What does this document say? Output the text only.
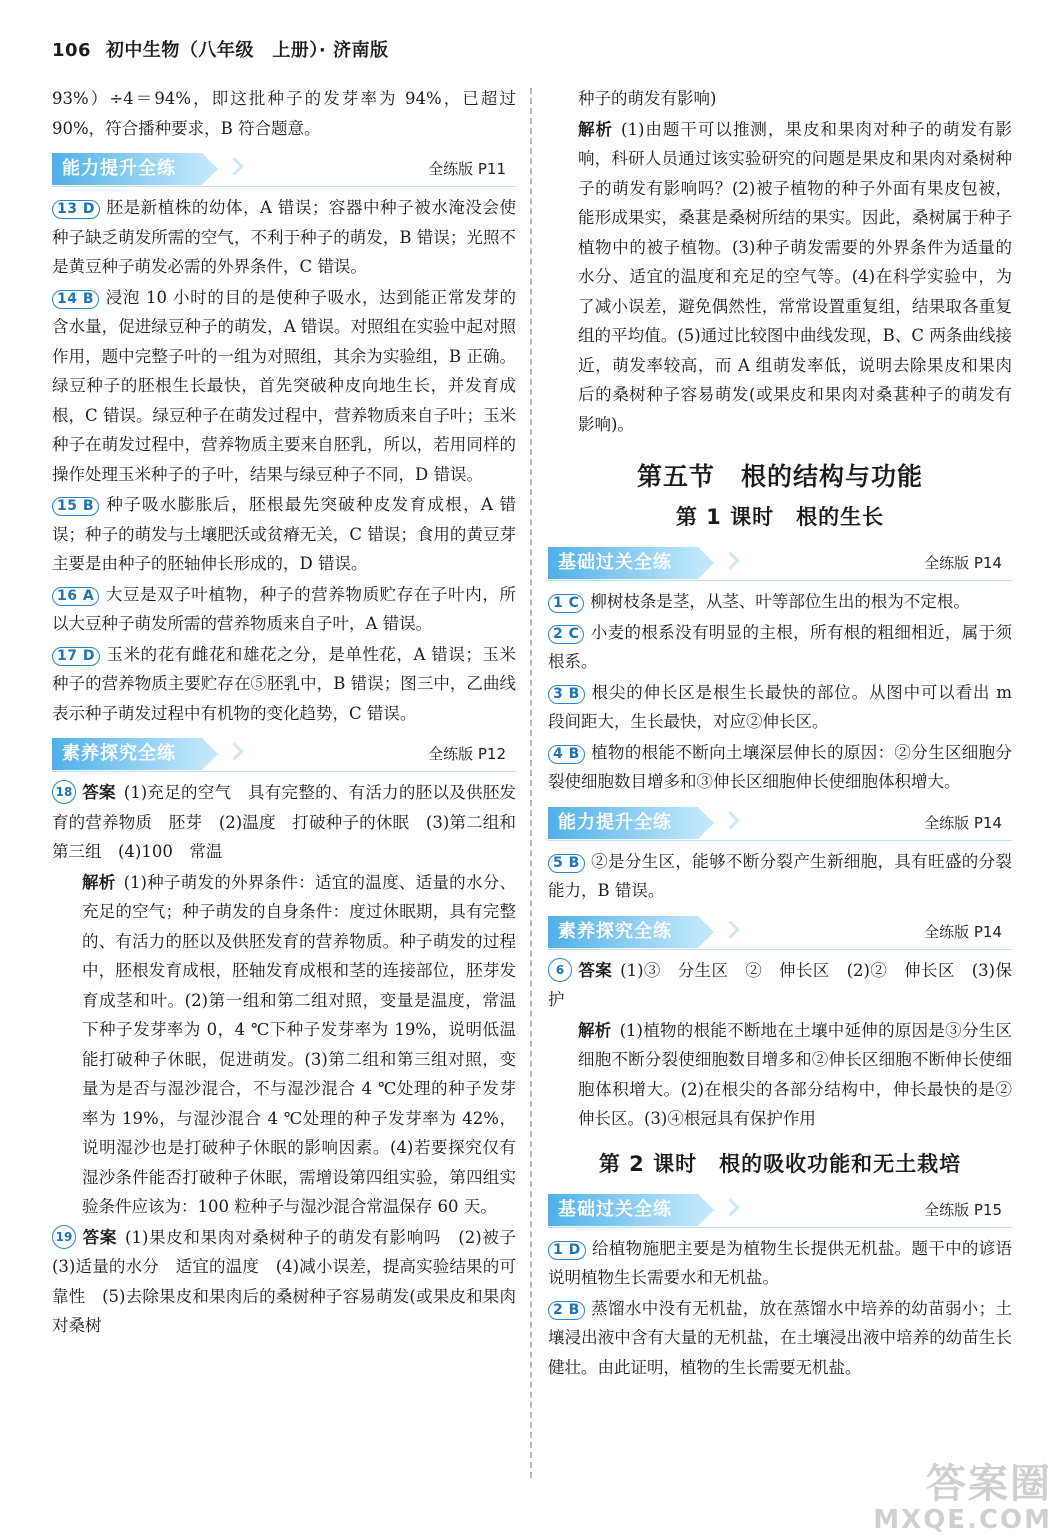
106 初中生物（八年级　上册）· 济南版

93%）÷4＝94%，即这批种子的发芽率为 94%，已超过 90%，符合播种要求，B 符合题意。

能力提升全练	全练版 P11

13 D 胚是新植株的幼体，A 错误；容器中种子被水淹没会使种子缺乏萌发所需的空气，不利于种子的萌发，B 错误；光照不是黄豆种子萌发必需的外界条件，C 错误。

14 B 浸泡 10 小时的目的是使种子吸水，达到能正常发芽的含水量，促进绿豆种子的萌发，A 错误。对照组在实验中起对照作用，题中完整子叶的一组为对照组，其余为实验组，B 正确。绿豆种子的胚根生长最快，首先突破种皮向地生长，并发育成根，C 错误。绿豆种子在萌发过程中，营养物质来自子叶；玉米种子在萌发过程中，营养物质主要来自胚乳，所以，若用同样的操作处理玉米种子的子叶，结果与绿豆种子不同，D 错误。

15 B 种子吸水膨胀后，胚根最先突破种皮发育成根，A 错误；种子的萌发与土壤肥沃或贫瘠无关，C 错误；食用的黄豆芽主要是由种子的胚轴伸长形成的，D 错误。

16 A 大豆是双子叶植物，种子的营养物质贮存在子叶内，所以大豆种子萌发所需的营养物质来自子叶，A 错误。

17 D 玉米的花有雌花和雄花之分，是单性花，A 错误；玉米种子的营养物质主要贮存在⑤胚乳中，B 错误；图三中，乙曲线表示种子萌发过程中有机物的变化趋势，C 错误。

素养探究全练	全练版 P12

18 答案 (1)充足的空气　具有完整的、有活力的胚以及供胚发育的营养物质　胚芽　(2)温度　打破种子的休眠　(3)第二组和第三组　(4)100　常温

解析 (1)种子萌发的外界条件：适宜的温度、适量的水分、充足的空气；种子萌发的自身条件：度过休眠期，具有完整的、有活力的胚以及供胚发育的营养物质。种子萌发的过程中，胚根发育成根，胚轴发育成根和茎的连接部位，胚芽发育成茎和叶。(2)第一组和第二组对照，变量是温度，常温下种子发芽率为 0，4 ℃下种子发芽率为 19%，说明低温能打破种子休眠，促进萌发。(3)第二组和第三组对照，变量为是否与湿沙混合，不与湿沙混合 4 ℃处理的种子发芽率为 19%，与湿沙混合 4 ℃处理的种子发芽率为 42%，说明湿沙也是打破种子休眠的影响因素。(4)若要探究仅有湿沙条件能否打破种子休眠，需增设第四组实验，第四组实验条件应该为：100 粒种子与湿沙混合常温保存 60 天。

19 答案 (1)果皮和果肉对桑树种子的萌发有影响吗　(2)被子　(3)适量的水分　适宜的温度　(4)减小误差，提高实验结果的可靠性　(5)去除果皮和果肉后的桑树种子容易萌发(或果皮和果肉对桑树

种子的萌发有影响)

解析 (1)由题干可以推测，果皮和果肉对种子的萌发有影响，科研人员通过该实验研究的问题是果皮和果肉对桑树种子的萌发有影响吗？(2)被子植物的种子外面有果皮包被，能形成果实，桑葚是桑树所结的果实。因此，桑树属于种子植物中的被子植物。(3)种子萌发需要的外界条件为适量的水分、适宜的温度和充足的空气等。(4)在科学实验中，为了减小误差，避免偶然性，常常设置重复组，结果取各重复组的平均值。(5)通过比较图中曲线发现，B、C 两条曲线接近，萌发率较高，而 A 组萌发率低，说明去除果皮和果肉后的桑树种子容易萌发(或果皮和果肉对桑葚种子的萌发有影响)。

第五节　根的结构与功能
第 1 课时　根的生长
基础过关全练	全练版 P14

1 C 柳树枝条是茎，从茎、叶等部位生出的根为不定根。

2 C 小麦的根系没有明显的主根，所有根的粗细相近，属于须根系。

3 B 根尖的伸长区是根生长最快的部位。从图中可以看出 m 段间距大，生长最快，对应②伸长区。

4 B 植物的根能不断向土壤深层伸长的原因：②分生区细胞分裂使细胞数目增多和③伸长区细胞伸长使细胞体积增大。

能力提升全练	全练版 P14

5 B ②是分生区，能够不断分裂产生新细胞，具有旺盛的分裂能力，B 错误。

素养探究全练	全练版 P14

6 答案 (1)③　分生区　②　伸长区　(2)②　伸长区　(3)保护

解析 (1)植物的根能不断地在土壤中延伸的原因是③分生区细胞不断分裂使细胞数目增多和②伸长区细胞不断伸长使细胞体积增大。(2)在根尖的各部分结构中，伸长最快的是②伸长区。(3)④根冠具有保护作用

第 2 课时　根的吸收功能和无土栽培
基础过关全练	全练版 P15

1 D 给植物施肥主要是为植物生长提供无机盐。题干中的谚语说明植物生长需要水和无机盐。

2 B 蒸馏水中没有无机盐，放在蒸馏水中培养的幼苗弱小；土壤浸出液中含有大量的无机盐，在土壤浸出液中培养的幼苗生长健壮。由此证明，植物的生长需要无机盐。

答案圈
MXQE.COM
